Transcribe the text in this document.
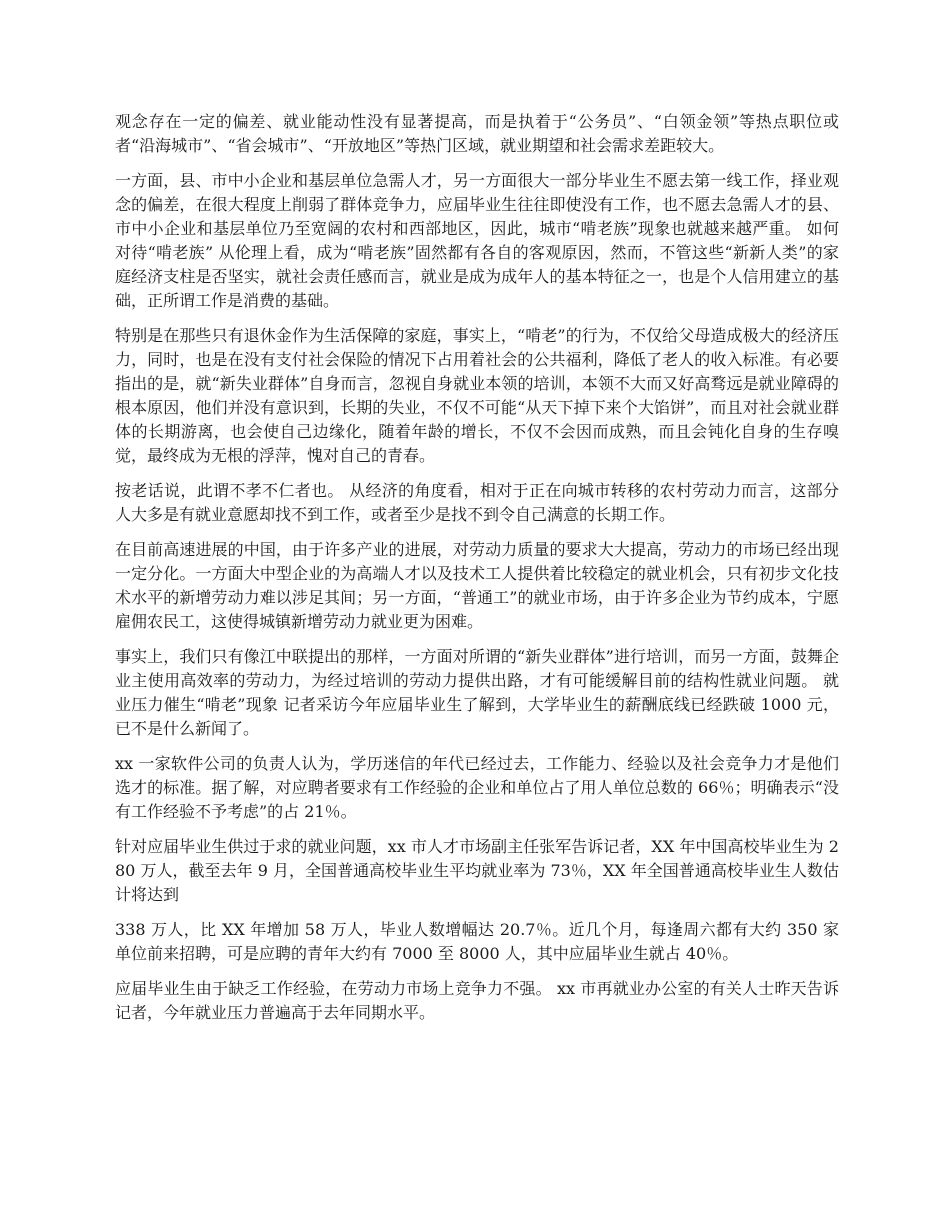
观念存在一定的偏差、就业能动性没有显著提高，而是执着于“公务员”、“白领金领”等热点职位或者“沿海城市”、“省会城市”、“开放地区”等热门区域，就业期望和社会需求差距较大。

一方面，县、市中小企业和基层单位急需人才，另一方面很大一部分毕业生不愿去第一线工作，择业观念的偏差，在很大程度上削弱了群体竞争力，应届毕业生往往即使没有工作，也不愿去急需人才的县、市中小企业和基层单位乃至宽阔的农村和西部地区，因此，城市“啃老族”现象也就越来越严重。 如何对待“啃老族” 从伦理上看，成为“啃老族”固然都有各自的客观原因，然而，不管这些“新新人类”的家庭经济支柱是否坚实，就社会责任感而言，就业是成为成年人的基本特征之一，也是个人信用建立的基础，正所谓工作是消费的基础。

特别是在那些只有退休金作为生活保障的家庭，事实上，“啃老”的行为，不仅给父母造成极大的经济压力，同时，也是在没有支付社会保险的情况下占用着社会的公共福利，降低了老人的收入标准。有必要指出的是，就“新失业群体”自身而言，忽视自身就业本领的培训，本领不大而又好高骛远是就业障碍的根本原因，他们并没有意识到，长期的失业，不仅不可能“从天下掉下来个大馅饼”，而且对社会就业群体的长期游离，也会使自己边缘化，随着年龄的增长，不仅不会因而成熟，而且会钝化自身的生存嗅觉，最终成为无根的浮萍，愧对自己的青春。

按老话说，此谓不孝不仁者也。 从经济的角度看，相对于正在向城市转移的农村劳动力而言，这部分人大多是有就业意愿却找不到工作，或者至少是找不到令自己满意的长期工作。

在目前高速进展的中国，由于许多产业的进展，对劳动力质量的要求大大提高，劳动力的市场已经出现一定分化。一方面大中型企业的为高端人才以及技术工人提供着比较稳定的就业机会，只有初步文化技术水平的新增劳动力难以涉足其间；另一方面，“普通工”的就业市场，由于许多企业为节约成本，宁愿雇佣农民工，这使得城镇新增劳动力就业更为困难。

事实上，我们只有像江中联提出的那样，一方面对所谓的“新失业群体”进行培训，而另一方面，鼓舞企业主使用高效率的劳动力，为经过培训的劳动力提供出路，才有可能缓解目前的结构性就业问题。 就业压力催生“啃老”现象 记者采访今年应届毕业生了解到，大学毕业生的薪酬底线已经跌破 1000 元，已不是什么新闻了。

xx 一家软件公司的负责人认为，学历迷信的年代已经过去，工作能力、经验以及社会竞争力才是他们选才的标准。据了解，对应聘者要求有工作经验的企业和单位占了用人单位总数的 66％；明确表示“没有工作经验不予考虑”的占 21％。

针对应届毕业生供过于求的就业问题，xx 市人才市场副主任张军告诉记者，XX 年中国高校毕业生为 280 万人，截至去年 9 月，全国普通高校毕业生平均就业率为 73％，XX 年全国普通高校毕业生人数估计将达到

338 万人，比 XX 年增加 58 万人，毕业人数增幅达 20.7％。近几个月，每逢周六都有大约 350 家单位前来招聘，可是应聘的青年大约有 7000 至 8000 人，其中应届毕业生就占 40％。

应届毕业生由于缺乏工作经验，在劳动力市场上竞争力不强。 xx 市再就业办公室的有关人士昨天告诉记者，今年就业压力普遍高于去年同期水平。
